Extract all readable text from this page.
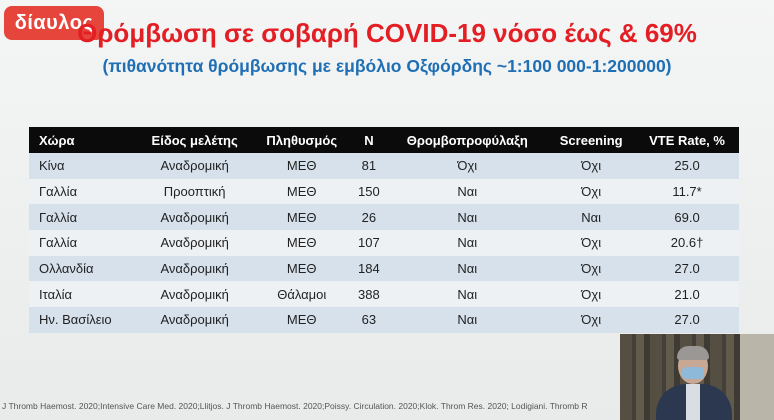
δίαυλος
Θρόμβωση σε σοβαρή COVID-19 νόσο έως & 69%
(πιθανότητα θρόμβωσης με εμβόλιο Οξφόρδης ~1:100 000-1:200000)
Χώρα	Είδος μελέτης	Πληθυσμός	N	Θρομβοπροφύλαξη	Screening	VTE Rate, %
Κίνα	Αναδρομική	ΜΕΘ	81	Όχι	Όχι	25.0
Γαλλία	Προοπτική	ΜΕΘ	150	Ναι	Όχι	11.7*
Γαλλία	Αναδρομική	ΜΕΘ	26	Ναι	Ναι	69.0
Γαλλία	Αναδρομική	ΜΕΘ	107	Ναι	Όχι	20.6†
Ολλανδία	Αναδρομική	ΜΕΘ	184	Ναι	Όχι	27.0
Ιταλία	Αναδρομική	Θάλαμοι	388	Ναι	Όχι	21.0
Ην. Βασίλειο	Αναδρομική	ΜΕΘ	63	Ναι	Όχι	27.0
J Thromb Haemost. 2020;Intensive Care Med. 2020;Llitjos. J Thromb Haemost. 2020;Poissy. Circulation. 2020;Klok. Throm Res. 2020; Lodigiani. Thromb R
